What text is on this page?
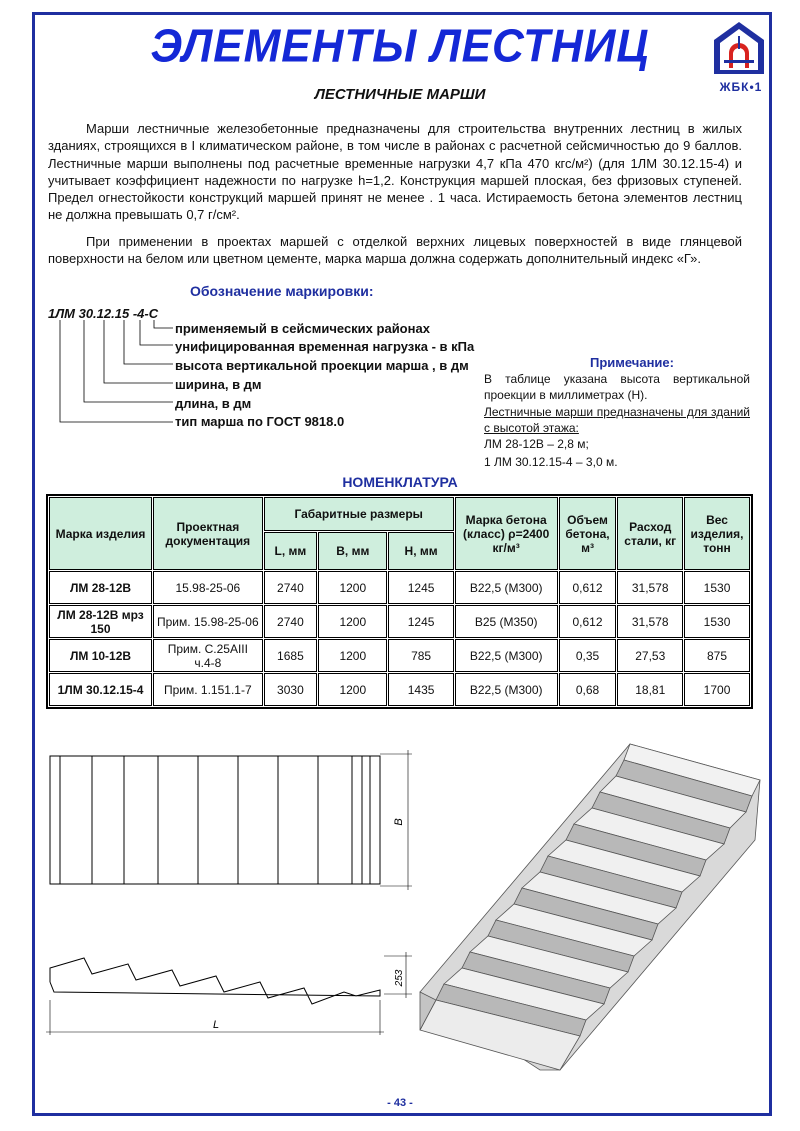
ЭЛЕМЕНТЫ ЛЕСТНИЦ
ЖБК•1
ЛЕСТНИЧНЫЕ МАРШИ

Марши лестничные железобетонные предназначены для строительства внутренних лестниц в жилых зданиях, строящихся в I климатическом районе, в том числе в районах с расчетной сейсмичностью до 9 баллов. Лестничные марши выполнены под расчетные временные нагрузки 4,7 кПа 470 кгс/м²) (для 1ЛМ 30.12.15-4) и учитывает коэффициент надежности по нагрузке h=1,2. Конструкция маршей плоская, без фризовых ступеней. Предел огнестойкости конструкций маршей принят не менее . 1 часа. Истираемость бетона элементов лестниц не должна превышать 0,7 г/см².

При применении в проектах маршей с отделкой верхних лицевых поверхностей в виде глянцевой поверхности на белом или цветном цементе, марка марша должна содержать дополнительный индекс «Г».

Обозначение маркировки:
1ЛМ 30.12.15 -4-С
применяемый в сейсмических районах
унифицированная временная нагрузка - в кПа
высота вертикальной проекции марша , в дм
ширина, в дм
длина, в дм
тип марша по ГОСТ 9818.0
Примечание:
В таблице указана высота вертикальной проекции в миллиметрах (Н).
Лестничные марши предназначены для зданий с высотой этажа:
ЛМ 28-12В – 2,8 м;
1 ЛМ 30.12.15-4 – 3,0 м.
НОМЕНКЛАТУРА
Марка изделия	Проектная документация	Габаритные размеры			Марка бетона (класс) ρ=2400 кг/м³	Объем бетона, м³	Расход стали, кг	Вес изделия, тонн
		L, мм	В, мм	Н, мм				
ЛМ 28-12В	15.98-25-06	2740	1200	1245	В22,5 (М300)	0,612	31,578	1530
ЛМ 28-12В мрз 150	Прим. 15.98-25-06	2740	1200	1245	В25 (М350)	0,612	31,578	1530
ЛМ 10-12В	Прим. С.25АIII ч.4-8	1685	1200	785	В22,5 (М300)	0,35	27,53	875
1ЛМ 30.12.15-4	Прим. 1.151.1-7	3030	1200	1435	В22,5 (М300)	0,68	18,81	1700
В
253
L
- 43 -
